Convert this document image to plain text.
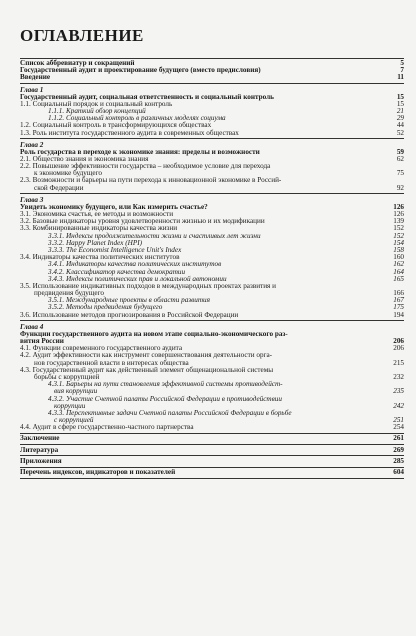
ОГЛАВЛЕНИЕ
Список аббревиатур и сокращений	5
Государственный аудит и проектирование будущего (вместо предисловия)	7
Введение	11
Глава 1
Государственный аудит, социальная ответственность и социальный контроль	15
1.1. Социальный порядок и социальный контроль	15
1.1.1. Краткий обзор концепций	21
1.1.2. Социальный контроль в различных моделях социума	29
1.2. Социальный контроль в трансформирующихся обществах	44
1.3. Роль института государственного аудита в современных обществах	52
Глава 2
Роль государства в переходе к экономике знания: пределы и возможности	59
2.1. Общество знания и экономика знания	62
2.2. Повышение эффективности государства – необходимое условие для перехода
к экономике будущего	75
2.3. Возможности и барьеры на пути перехода к инновационной экономике в Россий-
ской Федерации	92
Глава 3
Увидеть экономику будущего, или Как измерить счастье?	126
3.1. Экономика счастья, ее методы и возможности	126
3.2. Базовые индикаторы уровня удовлетворенности жизнью и их модификации	139
3.3. Комбинированные индикаторы качества жизни	152
3.3.1. Индексы продолжительности жизни и счастливых лет жизни	152
3.3.2. Happy Planet Index (HPI)	154
3.3.3. The Economist Intelligence Unit's Index	158
3.4. Индикаторы качества политических институтов	160
3.4.1. Индикаторы качества политических институтов	162
3.4.2. Классификатор качества демократии	164
3.4.3. Индексы политических прав и локальной автономии	165
3.5. Использование индикативных подходов в международных проектах развития и
предвидения будущего	166
3.5.1. Международные проекты в области развития	167
3.5.2. Методы предвидения будущего	175
3.6. Использование методов прогнозирования в Российской Федерации	194
Глава 4
Функции государственного аудита на новом этапе социально-экономического раз-
вития России	206
4.1. Функции современного государственного аудита	206
4.2. Аудит эффективности как инструмент совершенствования деятельности орга-
нов государственной власти в интересах общества	215
4.3. Государственный аудит как действенный элемент общенациональной системы
борьбы с коррупцией	232
4.3.1. Барьеры на пути становления эффективной системы противодейст-
вия коррупции	235
4.3.2. Участие Счетной палаты Российской Федерации в противодействии
коррупции	242
4.3.3. Перспективные задачи Счетной палаты Российской Федерации в борьбе
с коррупцией	251
4.4. Аудит в сфере государственно-частного партнерства	254
Заключение	261
Литература	269
Приложения	285
Перечень индексов, индикаторов и показателей	604
